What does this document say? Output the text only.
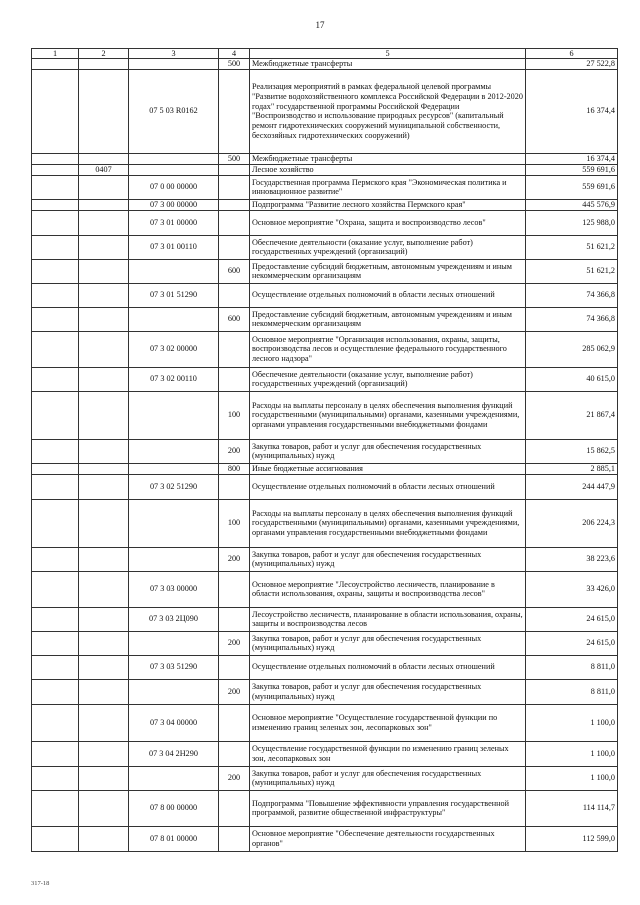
17
1	2	3	4	5	6
			500	Межбюджетные трансферты	27 522,8
		07 5 03 R0162		Реализация мероприятий в рамках федеральной целевой программы "Развитие водохозяйственного комплекса Российской Федерации в 2012-2020 годах" государственной программы Российской Федерации "Воспроизводство и использование природных ресурсов" (капитальный ремонт гидротехнических сооружений муниципальной собственности, бесхозяйных гидротехнических сооружений)	16 374,4
			500	Межбюджетные трансферты	16 374,4
	0407			Лесное хозяйство	559 691,6
		07 0 00 00000		Государственная программа Пермского края "Экономическая политика и инновационное развитие"	559 691,6
		07 3 00 00000		Подпрограмма "Развитие лесного хозяйства Пермского края"	445 576,9
		07 3 01 00000		Основное мероприятие "Охрана, защита и воспроизводство лесов"	125 988,0
		07 3 01 00110		Обеспечение деятельности (оказание услуг, выполнение работ) государственных учреждений (организаций)	51 621,2
			600	Предоставление субсидий бюджетным, автономным учреждениям и иным некоммерческим организациям	51 621,2
		07 3 01 51290		Осуществление отдельных полномочий в области лесных отношений	74 366,8
			600	Предоставление субсидий бюджетным, автономным учреждениям и иным некоммерческим организациям	74 366,8
		07 3 02 00000		Основное мероприятие "Организация использования, охраны, защиты, воспроизводства лесов и осуществление федерального государственного лесного надзора"	285 062,9
		07 3 02 00110		Обеспечение деятельности (оказание услуг, выполнение работ) государственных учреждений (организаций)	40 615,0
			100	Расходы на выплаты персоналу в целях обеспечения выполнения функций государственными (муниципальными) органами, казенными учреждениями, органами управления государственными внебюджетными фондами	21 867,4
			200	Закупка товаров, работ и услуг для обеспечения государственных (муниципальных) нужд	15 862,5
			800	Иные бюджетные ассигнования	2 885,1
		07 3 02 51290		Осуществление отдельных полномочий в области лесных отношений	244 447,9
			100	Расходы на выплаты персоналу в целях обеспечения выполнения функций государственными (муниципальными) органами, казенными учреждениями, органами управления государственными внебюджетными фондами	206 224,3
			200	Закупка товаров, работ и услуг для обеспечения государственных (муниципальных) нужд	38 223,6
		07 3 03 00000		Основное мероприятие "Лесоустройство лесничеств, планирование в области использования, охраны, защиты и воспроизводства лесов"	33 426,0
		07 3 03 2Ц090		Лесоустройство лесничеств, планирование в области использования, охраны, защиты и воспроизводства лесов	24 615,0
			200	Закупка товаров, работ и услуг для обеспечения государственных (муниципальных) нужд	24 615,0
		07 3 03 51290		Осуществление отдельных полномочий в области лесных отношений	8 811,0
			200	Закупка товаров, работ и услуг для обеспечения государственных (муниципальных) нужд	8 811,0
		07 3 04 00000		Основное мероприятие "Осуществление государственной функции по изменению границ зеленых зон, лесопарковых зон"	1 100,0
		07 3 04 2Н290		Осуществление государственной функции по изменению границ зеленых зон, лесопарковых зон	1 100,0
			200	Закупка товаров, работ и услуг для обеспечения государственных (муниципальных) нужд	1 100,0
		07 8 00 00000		Подпрограмма "Повышение эффективности управления государственной программой, развитие общественной инфраструктуры"	114 114,7
		07 8 01 00000		Основное мероприятие "Обеспечение деятельности государственных органов"	112 599,0
317-18
